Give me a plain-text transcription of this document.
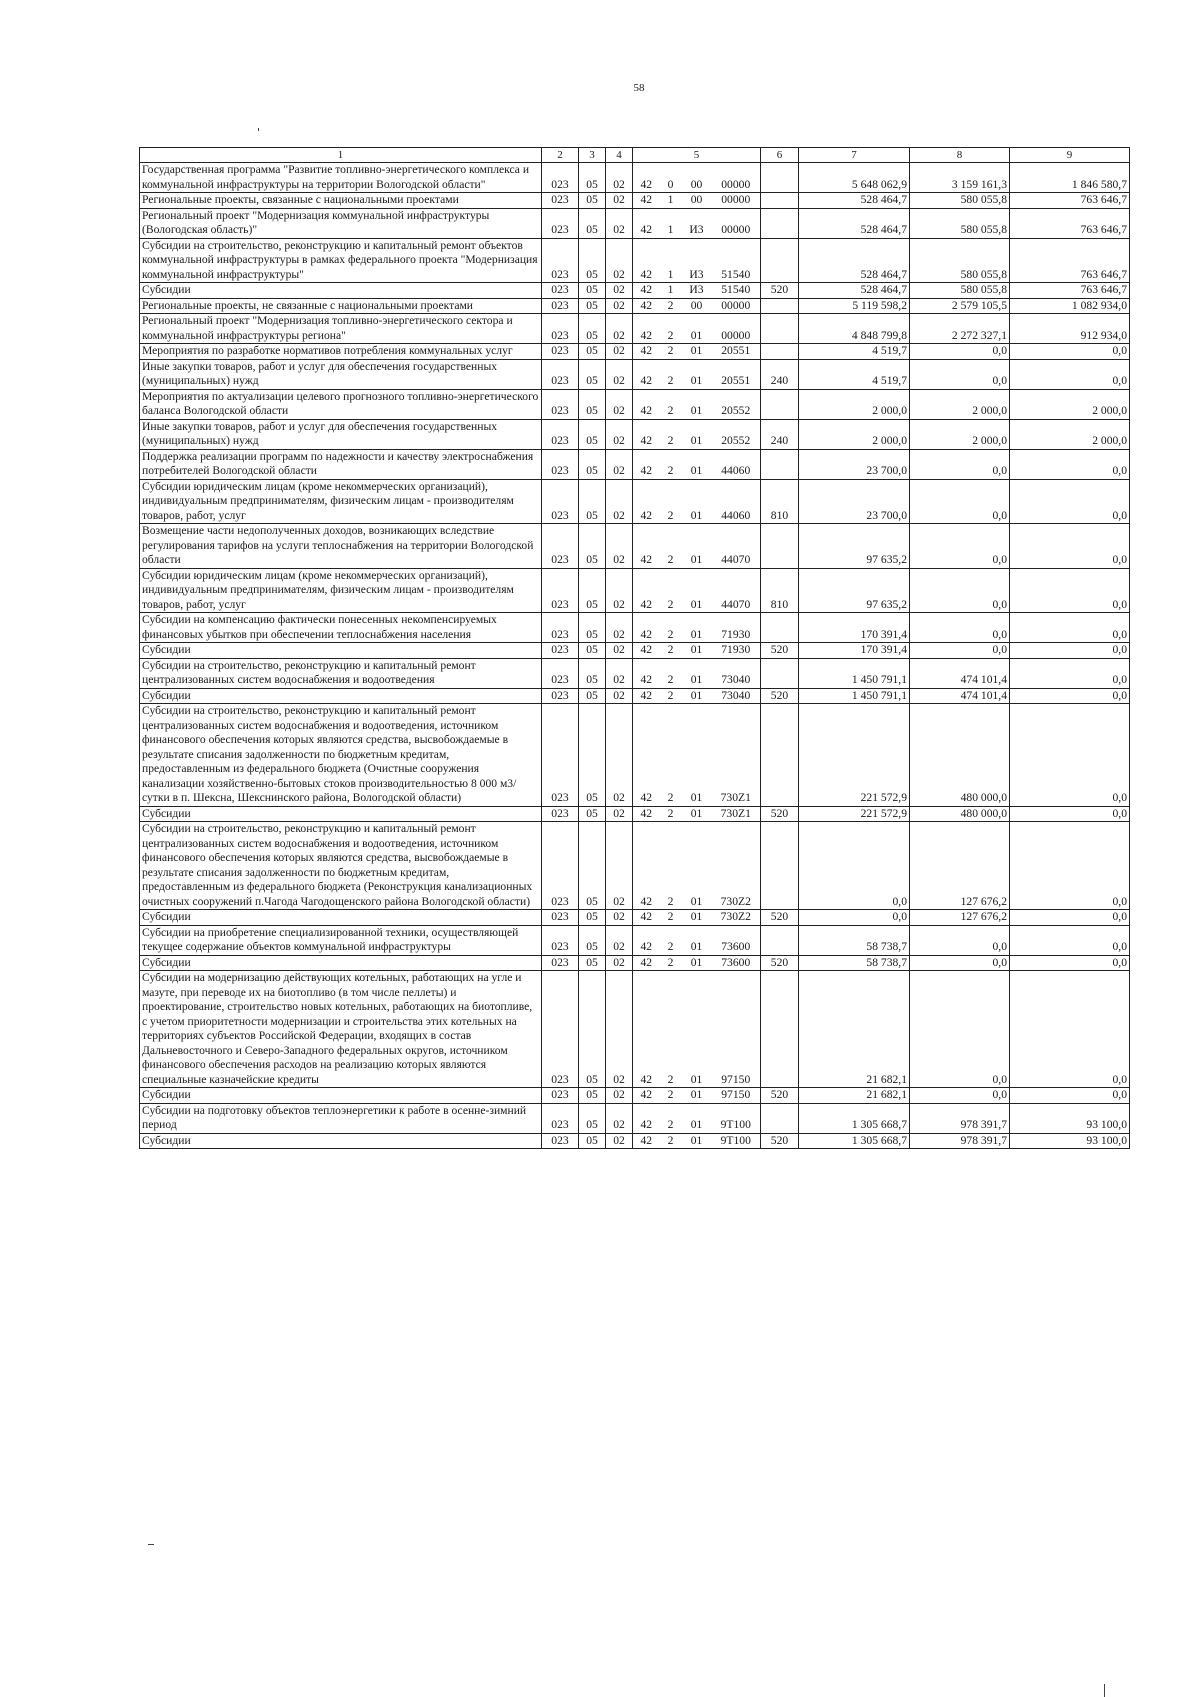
58
1	2	3	4	5				6	7	8	9
Государственная программа "Развитие топливно-энергетического комплекса и коммунальной инфраструктуры на территории Вологодской области"	023	05	02	42	0	00	00000		5 648 062,9	3 159 161,3	1 846 580,7
Региональные проекты, связанные с национальными проектами	023	05	02	42	1	00	00000		528 464,7	580 055,8	763 646,7
Региональный проект "Модернизация коммунальной инфраструктуры (Вологодская область)"	023	05	02	42	1	И3	00000		528 464,7	580 055,8	763 646,7
Субсидии на строительство, реконструкцию и капитальный ремонт объектов коммунальной инфраструктуры в рамках федерального проекта "Модернизация коммунальной инфраструктуры"	023	05	02	42	1	И3	51540		528 464,7	580 055,8	763 646,7
Субсидии	023	05	02	42	1	И3	51540	520	528 464,7	580 055,8	763 646,7
Региональные проекты, не связанные с национальными проектами	023	05	02	42	2	00	00000		5 119 598,2	2 579 105,5	1 082 934,0
Региональный проект "Модернизация топливно-энергетического сектора и коммунальной инфраструктуры региона"	023	05	02	42	2	01	00000		4 848 799,8	2 272 327,1	912 934,0
Мероприятия по разработке нормативов потребления коммунальных услуг	023	05	02	42	2	01	20551		4 519,7	0,0	0,0
Иные закупки товаров, работ и услуг для обеспечения государственных (муниципальных) нужд	023	05	02	42	2	01	20551	240	4 519,7	0,0	0,0
Мероприятия по актуализации целевого прогнозного топливно-энергетического баланса Вологодской области	023	05	02	42	2	01	20552		2 000,0	2 000,0	2 000,0
Иные закупки товаров, работ и услуг для обеспечения государственных (муниципальных) нужд	023	05	02	42	2	01	20552	240	2 000,0	2 000,0	2 000,0
Поддержка реализации программ по надежности и качеству электроснабжения потребителей Вологодской области	023	05	02	42	2	01	44060		23 700,0	0,0	0,0
Субсидии юридическим лицам (кроме некоммерческих организаций), индивидуальным предпринимателям, физическим лицам - производителям товаров, работ, услуг	023	05	02	42	2	01	44060	810	23 700,0	0,0	0,0
Возмещение части недополученных доходов, возникающих вследствие регулирования тарифов на услуги теплоснабжения на территории Вологодской области	023	05	02	42	2	01	44070		97 635,2	0,0	0,0
Субсидии юридическим лицам (кроме некоммерческих организаций), индивидуальным предпринимателям, физическим лицам - производителям товаров, работ, услуг	023	05	02	42	2	01	44070	810	97 635,2	0,0	0,0
Субсидии на компенсацию фактически понесенных некомпенсируемых финансовых убытков при обеспечении теплоснабжения населения	023	05	02	42	2	01	71930		170 391,4	0,0	0,0
Субсидии	023	05	02	42	2	01	71930	520	170 391,4	0,0	0,0
Субсидии на строительство, реконструкцию и капитальный ремонт централизованных систем водоснабжения и водоотведения	023	05	02	42	2	01	73040		1 450 791,1	474 101,4	0,0
Субсидии	023	05	02	42	2	01	73040	520	1 450 791,1	474 101,4	0,0
Субсидии на строительство, реконструкцию и капитальный ремонт централизованных систем водоснабжения и водоотведения, источником финансового обеспечения которых являются средства, высвобождаемые в результате списания задолженности по бюджетным кредитам, предоставленным из федерального бюджета (Очистные сооружения канализации хозяйственно-бытовых стоков производительностью 8 000 м3/сутки в п. Шексна, Шекснинского района, Вологодской области)	023	05	02	42	2	01	730Z1		221 572,9	480 000,0	0,0
Субсидии	023	05	02	42	2	01	730Z1	520	221 572,9	480 000,0	0,0
Субсидии на строительство, реконструкцию и капитальный ремонт централизованных систем водоснабжения и водоотведения, источником финансового обеспечения которых являются средства, высвобождаемые в результате списания задолженности по бюджетным кредитам, предоставленным из федерального бюджета (Реконструкция канализационных очистных сооружений п.Чагода Чагодощенского района Вологодской области)	023	05	02	42	2	01	730Z2		0,0	127 676,2	0,0
Субсидии	023	05	02	42	2	01	730Z2	520	0,0	127 676,2	0,0
Субсидии на приобретение специализированной техники, осуществляющей текущее содержание объектов коммунальной инфраструктуры	023	05	02	42	2	01	73600		58 738,7	0,0	0,0
Субсидии	023	05	02	42	2	01	73600	520	58 738,7	0,0	0,0
Субсидии на модернизацию действующих котельных, работающих на угле и мазуте, при переводе их на биотопливо (в том числе пеллеты) и проектирование, строительство новых котельных, работающих на биотопливе, с учетом приоритетности модернизации и строительства этих котельных на территориях субъектов Российской Федерации, входящих в состав Дальневосточного и Северо-Западного федеральных округов, источником финансового обеспечения расходов на реализацию которых являются специальные казначейские кредиты	023	05	02	42	2	01	97150		21 682,1	0,0	0,0
Субсидии	023	05	02	42	2	01	97150	520	21 682,1	0,0	0,0
Субсидии на подготовку объектов теплоэнергетики к работе в осенне-зимний период	023	05	02	42	2	01	9Т100		1 305 668,7	978 391,7	93 100,0
Субсидии	023	05	02	42	2	01	9Т100	520	1 305 668,7	978 391,7	93 100,0
